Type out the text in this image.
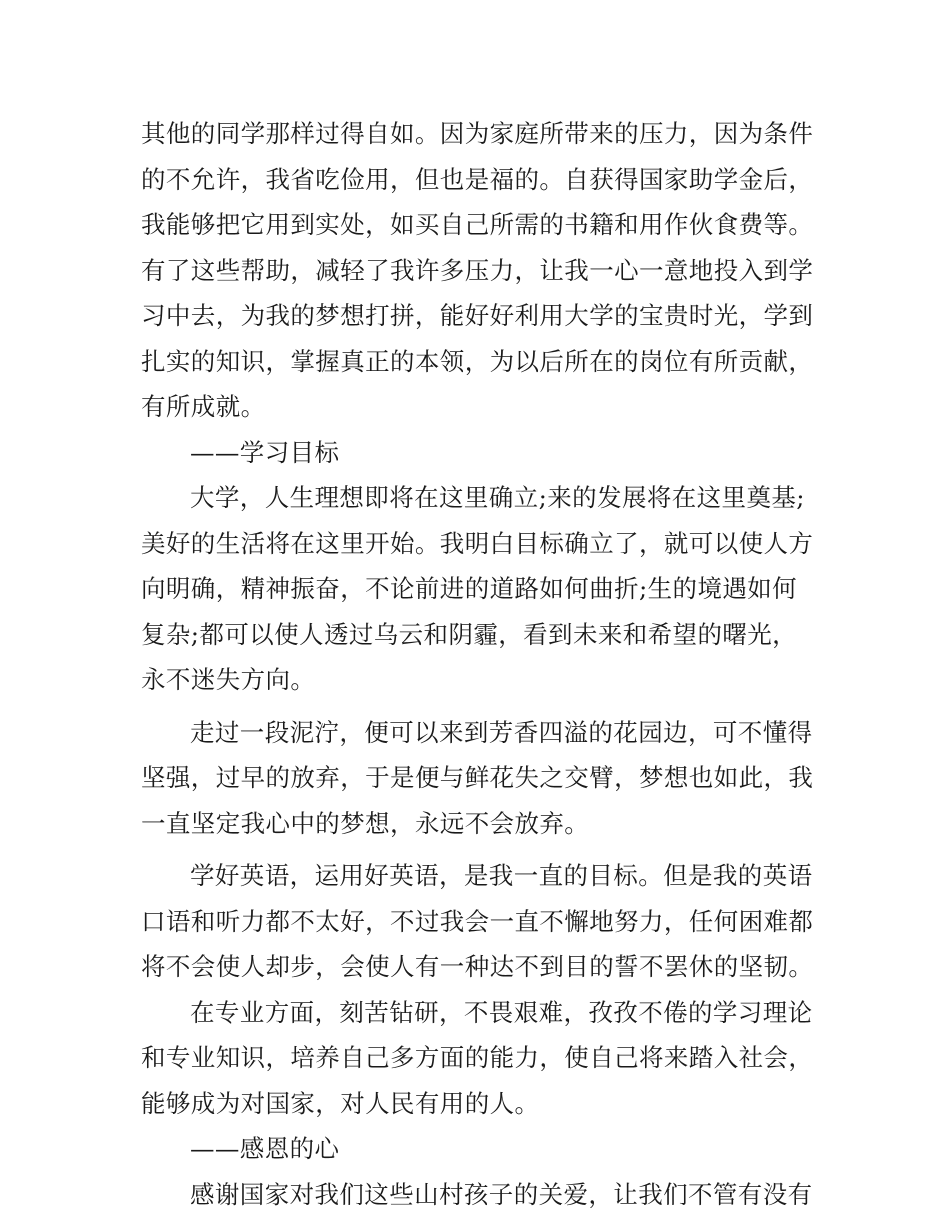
其他的同学那样过得自如。因为家庭所带来的压力，因为条件
的不允许，我省吃俭用，但也是福的。自获得国家助学金后，
我能够把它用到实处，如买自己所需的书籍和用作伙食费等。
有了这些帮助，减轻了我许多压力，让我一心一意地投入到学
习中去，为我的梦想打拼，能好好利用大学的宝贵时光，学到
扎实的知识，掌握真正的本领，为以后所在的岗位有所贡献，
有所成就。
——学习目标
大学，人生理想即将在这里确立;来的发展将在这里奠基;
美好的生活将在这里开始。我明白目标确立了，就可以使人方
向明确，精神振奋，不论前进的道路如何曲折;生的境遇如何
复杂;都可以使人透过乌云和阴霾，看到未来和希望的曙光，
永不迷失方向。
走过一段泥泞，便可以来到芳香四溢的花园边，可不懂得
坚强，过早的放弃，于是便与鲜花失之交臂，梦想也如此，我
一直坚定我心中的梦想，永远不会放弃。
学好英语，运用好英语，是我一直的目标。但是我的英语
口语和听力都不太好，不过我会一直不懈地努力，任何困难都
将不会使人却步，会使人有一种达不到目的誓不罢休的坚韧。
在专业方面，刻苦钻研，不畏艰难，孜孜不倦的学习理论
和专业知识，培养自己多方面的能力，使自己将来踏入社会，
能够成为对国家，对人民有用的人。
——感恩的心
感谢国家对我们这些山村孩子的关爱，让我们不管有没有
